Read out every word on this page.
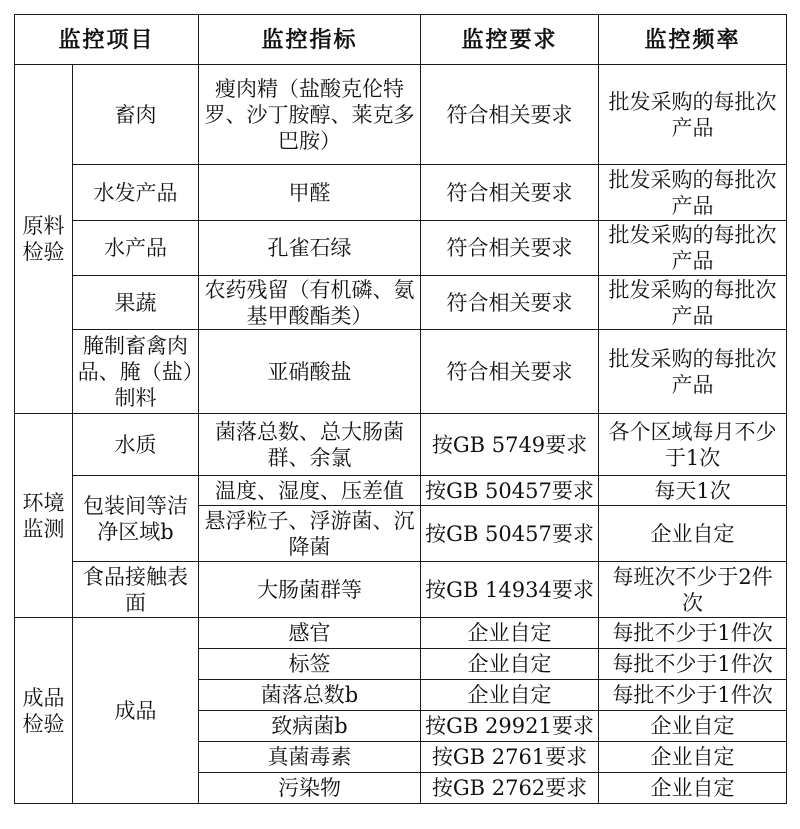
监控项目		监控指标	监控要求	监控频率
原料检验	畜肉	瘦肉精（盐酸克伦特罗、沙丁胺醇、莱克多巴胺）	符合相关要求	批发采购的每批次产品
	水发产品	甲醛	符合相关要求	批发采购的每批次产品
	水产品	孔雀石绿	符合相关要求	批发采购的每批次产品
	果蔬	农药残留（有机磷、氨基甲酸酯类）	符合相关要求	批发采购的每批次产品
	腌制畜禽肉品、腌（盐）制料	亚硝酸盐	符合相关要求	批发采购的每批次产品
环境监测	水质	菌落总数、总大肠菌群、余氯	按GB 5749要求	各个区域每月不少于1次
	包装间等洁净区域b	温度、湿度、压差值	按GB 50457要求	每天1次
		悬浮粒子、浮游菌、沉降菌	按GB 50457要求	企业自定
	食品接触表面	大肠菌群等	按GB 14934要求	每班次不少于2件次
成品检验	成品	感官	企业自定	每批不少于1件次
		标签	企业自定	每批不少于1件次
		菌落总数b	企业自定	每批不少于1件次
		致病菌b	按GB 29921要求	企业自定
		真菌毒素	按GB 2761要求	企业自定
		污染物	按GB 2762要求	企业自定
